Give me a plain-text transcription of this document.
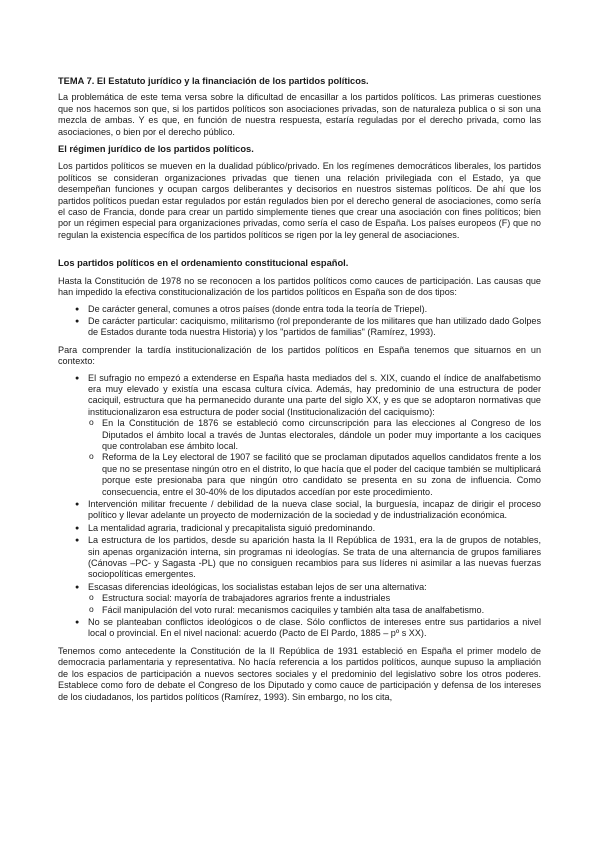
TEMA 7. El Estatuto jurídico y la financiación de los partidos políticos.

La problemática de este tema versa sobre la dificultad de encasillar a los partidos políticos. Las primeras cuestiones que nos hacemos son que, si los partidos políticos son asociaciones privadas, son de naturaleza publica o si son una mezcla de ambas. Y es que, en función de nuestra respuesta, estaría reguladas por el derecho privada, como las asociaciones, o bien por el derecho público.

El régimen jurídico de los partidos políticos.

Los partidos políticos se mueven en la dualidad público/privado. En los regímenes democráticos liberales, los partidos políticos se consideran organizaciones privadas que tienen una relación privilegiada con el Estado, ya que desempeñan funciones y ocupan cargos deliberantes y decisorios en nuestros sistemas políticos. De ahí que los partidos políticos puedan estar regulados por están regulados bien por el derecho general de asociaciones, como sería el caso de Francia, donde para crear un partido simplemente tienes que crear una asociación con fines políticos; bien por un régimen especial para organizaciones privadas, como sería el caso de España. Los países europeos (F) que no regulan la existencia específica de los partidos políticos se rigen por la ley general de asociaciones.

Los partidos políticos en el ordenamiento constitucional español.

Hasta la Constitución de 1978 no se reconocen a los partidos políticos como cauces de participación. Las causas que han impedido la efectiva constitucionalización de los partidos políticos en España son de dos tipos:

● De carácter general, comunes a otros países (donde entra toda la teoría de Triepel).
● De carácter particular: caciquismo, militarismo (rol preponderante de los militares que han utilizado dado Golpes de Estados durante toda nuestra Historia) y los "partidos de familias" (Ramírez, 1993).

Para comprender la tardía institucionalización de los partidos políticos en España tenemos que situarnos en un contexto:

● El sufragio no empezó a extenderse en España hasta mediados del s. XIX, cuando el índice de analfabetismo era muy elevado y existía una escasa cultura cívica. Además, hay predominio de una estructura de poder caciquil, estructura que ha permanecido durante una parte del siglo XX, y es que se adoptaron normativas que institucionalizaron esa estructura de poder social (Institucionalización del caciquismo):
o En la Constitución de 1876 se estableció como circunscripción para las elecciones al Congreso de los Diputados el ámbito local a través de Juntas electorales, dándole un poder muy importante a los caciques que controlaban ese ámbito local.
o Reforma de la Ley electoral de 1907 se facilitó que se proclaman diputados aquellos candidatos frente a los que no se presentase ningún otro en el distrito, lo que hacía que el poder del cacique también se multiplicará porque este presionaba para que ningún otro candidato se presenta en su zona de influencia. Como consecuencia, entre el 30-40% de los diputados accedían por este procedimiento.
● Intervención militar frecuente / debilidad de la nueva clase social, la burguesía, incapaz de dirigir el proceso político y llevar adelante un proyecto de modernización de la sociedad y de industrialización económica.
● La mentalidad agraria, tradicional y precapitalista siguió predominando.
● La estructura de los partidos, desde su aparición hasta la II República de 1931, era la de grupos de notables, sin apenas organización interna, sin programas ni ideologías. Se trata de una alternancia de grupos familiares (Cánovas –PC- y Sagasta -PL) que no consiguen recambios para sus líderes ni asimilar a las nuevas fuerzas sociopolíticas emergentes.
● Escasas diferencias ideológicas, los socialistas estaban lejos de ser una alternativa:
o Estructura social: mayoría de trabajadores agrarios frente a industriales
o Fácil manipulación del voto rural: mecanismos caciquiles y también alta tasa de analfabetismo.
● No se planteaban conflictos ideológicos o de clase. Sólo conflictos de intereses entre sus partidarios a nivel local o provincial. En el nivel nacional: acuerdo (Pacto de El Pardo, 1885 – pº s XX).

Tenemos como antecedente la Constitución de la II República de 1931 estableció en España el primer modelo de democracia parlamentaria y representativa. No hacía referencia a los partidos políticos, aunque supuso la ampliación de los espacios de participación a nuevos sectores sociales y el predominio del legislativo sobre los otros poderes. Establece como foro de debate el Congreso de los Diputado y como cauce de participación y defensa de los intereses de los ciudadanos, los partidos políticos (Ramírez, 1993). Sin embargo, no los cita,
